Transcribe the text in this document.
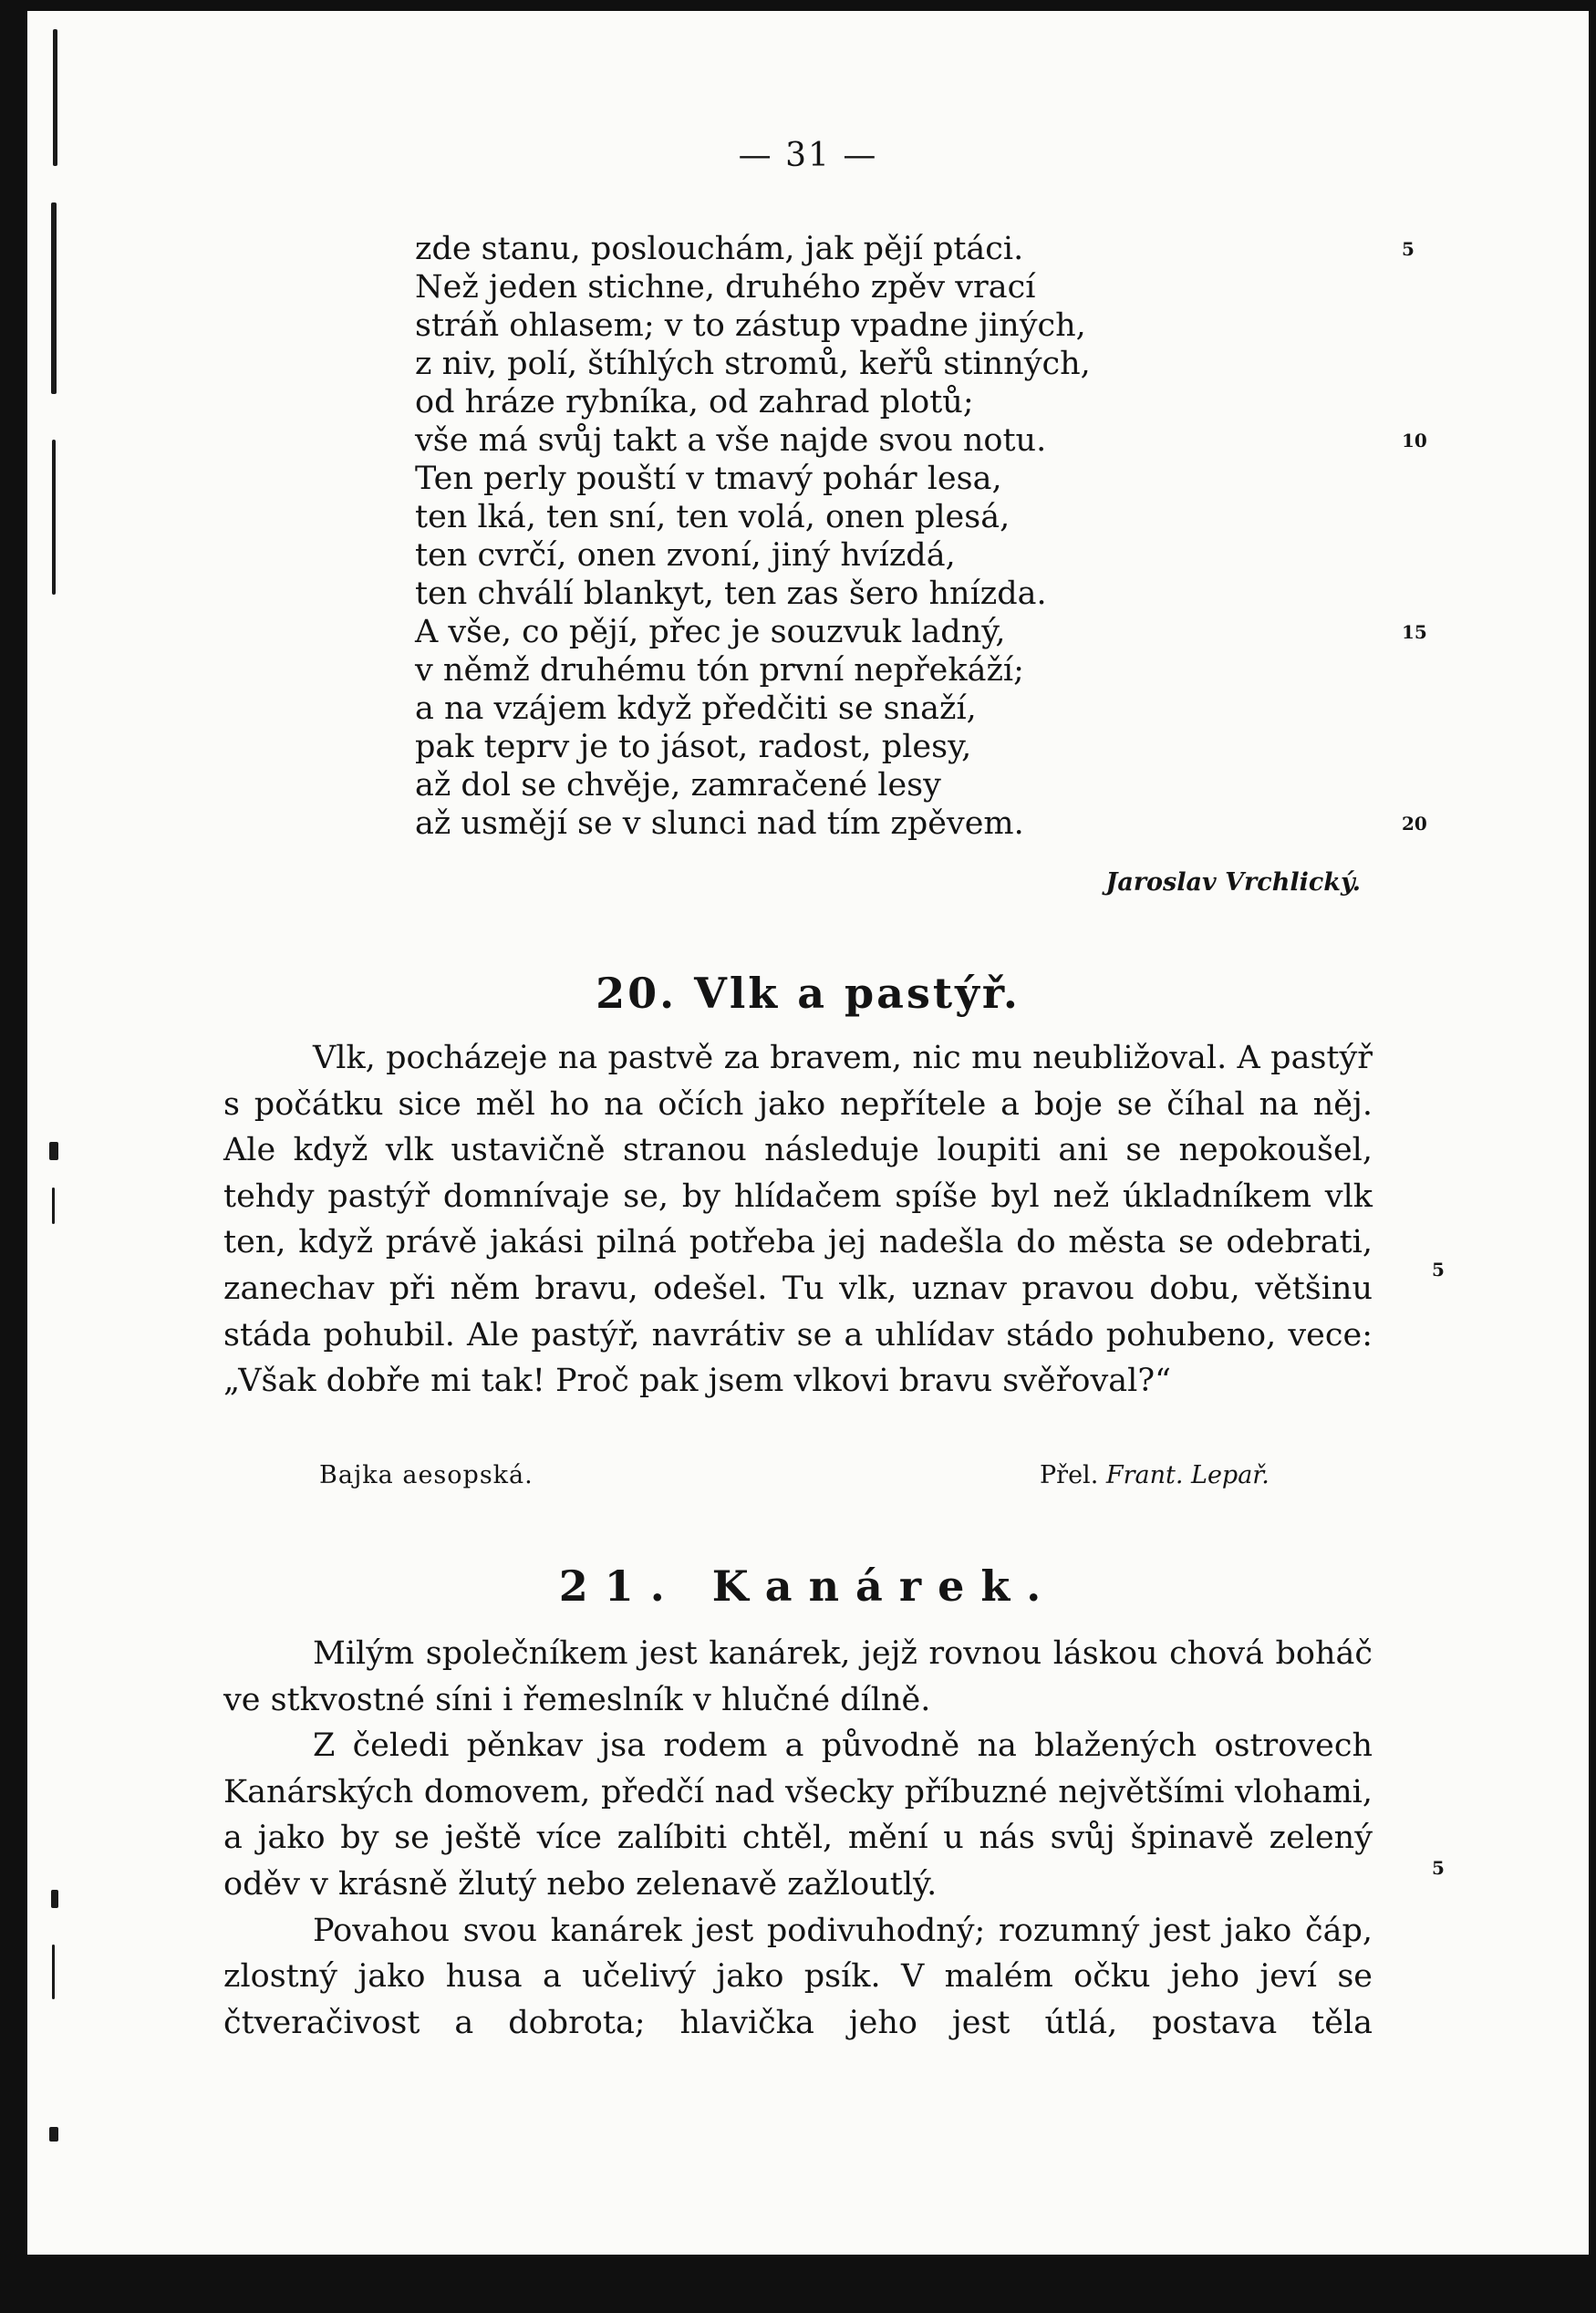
— 31 —
zde stanu, poslouchám, jak pějí ptáci.	5
Než jeden stichne, druhého zpěv vrací
stráň ohlasem; v to zástup vpadne jiných,
z niv, polí, štíhlých stromů, keřů stinných,
od hráze rybníka, od zahrad plotů;
vše má svůj takt a vše najde svou notu.	10
Ten perly pouští v tmavý pohár lesa,
ten lká, ten sní, ten volá, onen plesá,
ten cvrčí, onen zvoní, jiný hvízdá,
ten chválí blankyt, ten zas šero hnízda.
A vše, co pějí, přec je souzvuk ladný,	15
v němž druhému tón první nepřekáží;
a na vzájem když předčiti se snaží,
pak teprv je to jásot, radost, plesy,
až dol se chvěje, zamračené lesy
až usmějí se v slunci nad tím zpěvem.	20
Jaroslav Vrchlický.
20. Vlk a pastýř.

Vlk, pocházeje na pastvě za bravem, nic mu neubližoval. A pastýř s počátku sice měl ho na očích jako nepřítele a boje se číhal na něj. Ale když vlk ustavičně stranou následuje loupiti ani se nepokoušel, tehdy pastýř domnívaje se, by hlídačem spíše byl než úkladníkem vlk ten, když právě jakási pilná potřeba jej nadešla do města se odebrati, zanechav při něm bravu, odešel. Tu vlk, uznav pravou dobu, většinu stáda pohubil. Ale pastýř, navrátiv se a uhlídav stádo pohubeno, vece: „Však dobře mi tak! Proč pak jsem vlkovi bravu svěřoval?“

5
Bajka aesopská.	Přel. Frant. Lepař.
21. Kanárek.

Milým společníkem jest kanárek, jejž rovnou láskou chová boháč ve stkvostné síni i řemeslník v hlučné dílně.

Z čeledi pěnkav jsa rodem a původně na blažených ostrovech Kanárských domovem, předčí nad všecky příbuzné největšími vlohami, a jako by se ještě více zalíbiti chtěl, mění u nás svůj špinavě zelený oděv v krásně žlutý nebo zelenavě zažloutlý.

Povahou svou kanárek jest podivuhodný; rozumný jest jako čáp, zlostný jako husa a učelivý jako psík. V malém očku jeho jeví se čtveračivost a dobrota; hlavička jeho jest útlá, postava těla

5
